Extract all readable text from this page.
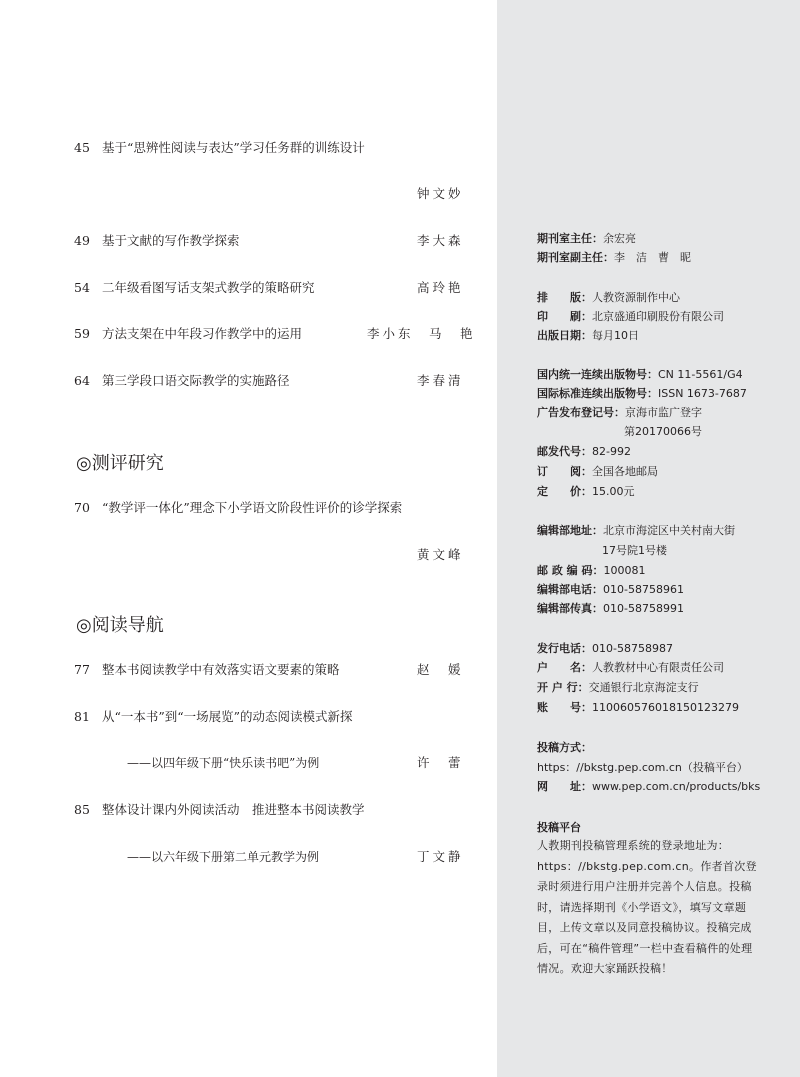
45 基于“思辨性阅读与表达”学习任务群的训练设计
钟文妙
49 基于文献的写作教学探索	李大森
54 二年级看图写话支架式教学的策略研究	高玲艳
59 方法支架在中年段习作教学中的运用	李小东　马　艳
64 第三学段口语交际教学的实施路径	李春清
◎测评研究
70 “教学评一体化”理念下小学语文阶段性评价的诊学探索
黄文峰
◎阅读导航
77 整本书阅读教学中有效落实语文要素的策略	赵　媛
81 从“一本书”到“一场展览”的动态阅读模式新探
——以四年级下册“快乐读书吧”为例	许　蕾
85 整体设计课内外阅读活动　推进整本书阅读教学
——以六年级下册第二单元教学为例	丁文静
期刊室主任：余宏亮
期刊室副主任：李　洁　曹　昵
排　　版：人教资源制作中心
印　　刷：北京盛通印刷股份有限公司
出版日期：每月10日
国内统一连续出版物号：CN 11-5561/G4
国际标准连续出版物号：ISSN 1673-7687
广告发布登记号：京海市监广登字
第20170066号
邮发代号：82-992
订　　阅：全国各地邮局
定　　价：15.00元
编辑部地址：北京市海淀区中关村南大街
17号院1号楼
邮 政 编 码：100081
编辑部电话：010-58758961
编辑部传真：010-58758991
发行电话：010-58758987
户　　名：人教教材中心有限责任公司
开 户 行：交通银行北京海淀支行
账　　号：110060576018150123279
投稿方式：
https：//bkstg.pep.com.cn（投稿平台）
网　　址：www.pep.com.cn/products/bks
投稿平台
人教期刊投稿管理系统的登录地址为：https：//bkstg.pep.com.cn。作者首次登录时须进行用户注册并完善个人信息。投稿时，请选择期刊《小学语文》，填写文章题目，上传文章以及同意投稿协议。投稿完成后，可在“稿件管理”一栏中查看稿件的处理情况。欢迎大家踊跃投稿！
